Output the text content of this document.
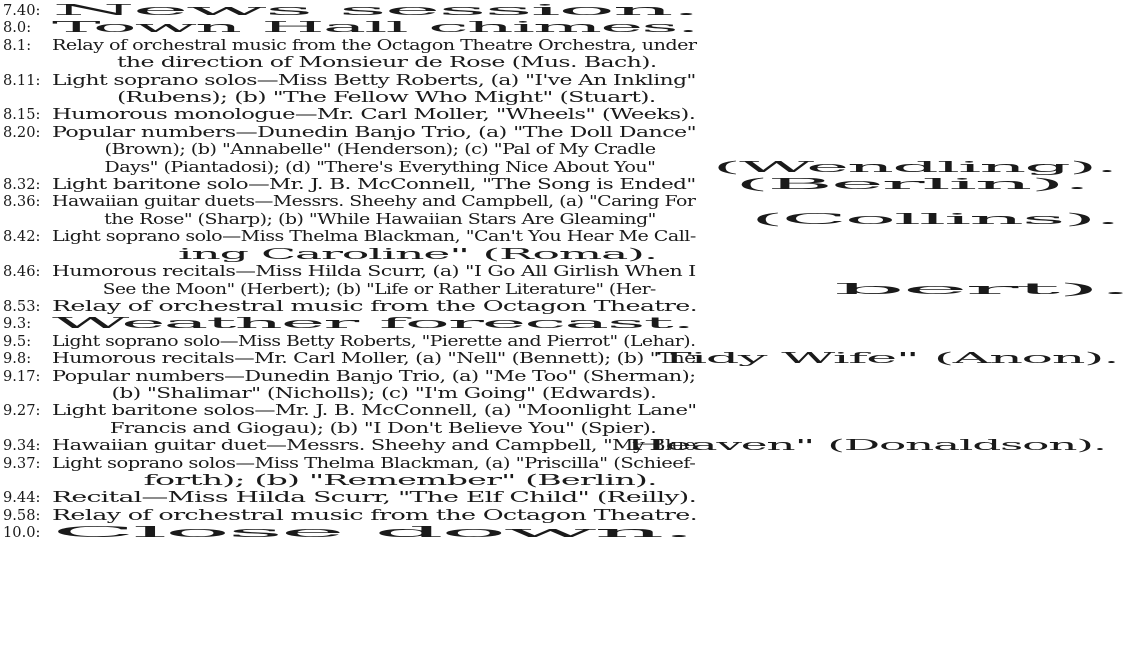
7.40: News session.
8.0:	Town Hall chimes.
8.1:	Relay of orchestral music from the Octagon Theatre Orchestra, underthe direction of Monsieur de Rose (Mus. Bach).
8.11: Light soprano solos—Miss Betty Roberts, (a) "I've An Inkling"(Rubens); (b) "The Fellow Who Might" (Stuart).
8.15: Humorous monologue—Mr. Carl Moller, "Wheels" (Weeks).
8.20: Popular numbers—Dunedin Banjo Trio, (a) "The Doll Dance"(Brown); (b) "Annabelle" (Henderson); (c) "Pal of My CradleDays" (Piantadosi); (d) "There's Everything Nice About You"	(Wendling).
8.32: Light baritone solo—Mr. J. B. McConnell, "The Song is Ended"	(Berlin).
8.36: Hawaiian guitar duets—Messrs. Sheehy and Campbell, (a) "Caring Forthe Rose" (Sharp); (b) "While Hawaiian Stars Are Gleaming"	(Collins).
8.42: Light soprano solo—Miss Thelma Blackman, "Can't You Hear Me Call-ing Caroline" (Roma).
8.46: Humorous recitals—Miss Hilda Scurr, (a) "I Go All Girlish When ISee the Moon" (Herbert); (b) "Life or Rather Literature" (Her-	bert).
8.53: Relay of orchestral music from the Octagon Theatre.
9.3:	Weather forecast.
9.5:	Light soprano solo—Miss Betty Roberts, "Pierette and Pierrot" (Lehar).
9.8:	Humorous recitals—Mr. Carl Moller, (a) "Nell" (Bennett); (b) "TheTidy Wife" (Anon).
9.17: Popular numbers—Dunedin Banjo Trio, (a) "Me Too" (Sherman);(b) "Shalimar" (Nicholls); (c) "I'm Going" (Edwards).
9.27: Light baritone solos—Mr. J. B. McConnell, (a) "Moonlight Lane"Francis and Giogau); (b) "I Don't Believe You" (Spier).
9.34: Hawaiian guitar duet—Messrs. Sheehy and Campbell, "My BlueHeaven" (Donaldson).
9.37: Light soprano solos—Miss Thelma Blackman, (a) "Priscilla" (Schieef-forth); (b) "Remember" (Berlin).
9.44: Recital—Miss Hilda Scurr, "The Elf Child" (Reilly).
9.58: Relay of orchestral music from the Octagon Theatre.
10.0: Close down.
